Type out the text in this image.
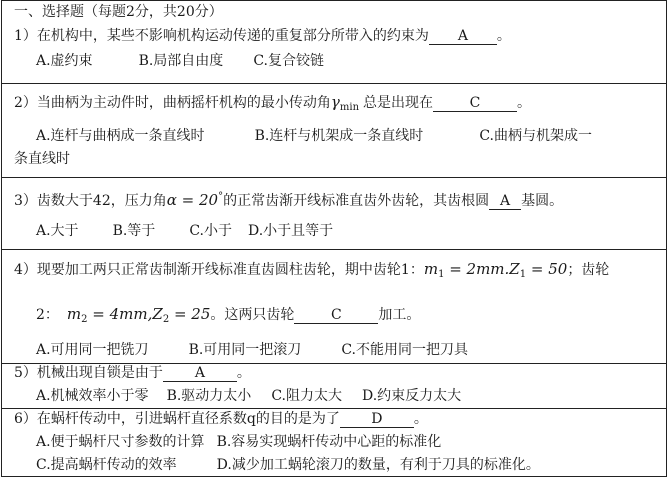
一、选择题（每题2分，共20分）
1）在机构中，某些不影响机构运动传递的重复部分所带入的约束为 A 。
A.虚约束	B.局部自由度 C.复合铰链
2）当曲柄为主动件时，曲柄摇杆机构的最小传动角$\gamma_{min}$ 总是出现在	C	。
A.连杆与曲柄成一条直线时	B.连杆与机架成一条直线时	C.曲柄与机架成一
条直线时
3）齿数大于42，压力角α = 20°的正常齿渐开线标准直齿外齿轮，其齿根圆 A 基圆。
A.大于 B.等于 C.小于 D.小于且等于
4）现要加工两只正常齿制渐开线标准直齿圆柱齿轮，期中齿轮1：$m_1 = 2mm.Z_1 = 50$；齿轮
2： $m_2 = 4mm,Z_2 = 25$。这两只齿轮	C	加工。
A.可用同一把铣刀	B.可用同一把滚刀	C.不能用同一把刀具
5）机械出现自锁是由于 A 。
A.机械效率小于零 B.驱动力太小 C.阻力太大 D.约束反力太大
6）在蜗杆传动中，引进蜗杆直径系数q的目的是为了 D 。
A.便于蜗杆尺寸参数的计算 B.容易实现蜗杆传动中心距的标准化
C.提高蜗杆传动的效率	D.减少加工蜗轮滚刀的数量，有利于刀具的标准化。
